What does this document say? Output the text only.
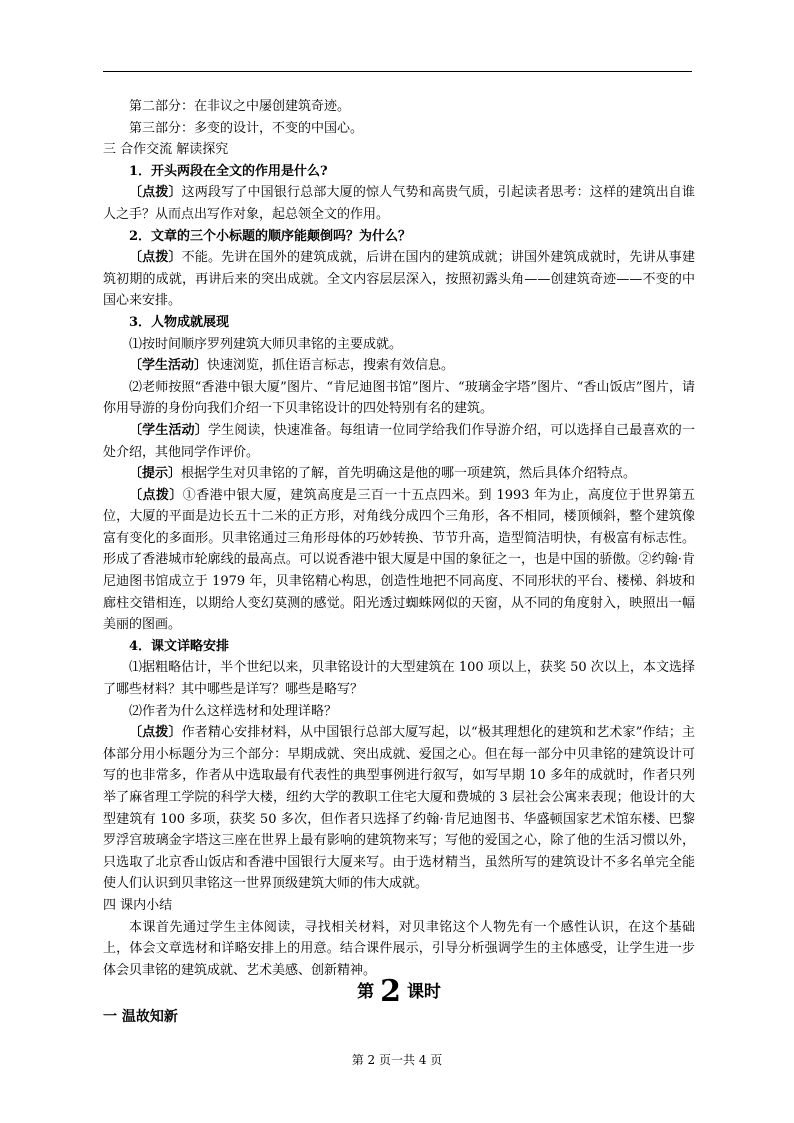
第二部分：在非议之中屡创建筑奇迹。

第三部分：多变的设计，不变的中国心。

三 合作交流 解读探究

1．开头两段在全文的作用是什么?

〔点拨〕这两段写了中国银行总部大厦的惊人气势和高贵气质，引起读者思考：这样的建筑出自谁人之手？从而点出写作对象，起总领全文的作用。

2．文章的三个小标题的顺序能颠倒吗？为什么？

〔点拨〕不能。先讲在国外的建筑成就，后讲在国内的建筑成就；讲国外建筑成就时，先讲从事建筑初期的成就，再讲后来的突出成就。全文内容层层深入，按照初露头角——创建筑奇迹——不变的中国心来安排。

3．人物成就展现

⑴按时间顺序罗列建筑大师贝聿铭的主要成就。

〔学生活动〕快速浏览，抓住语言标志，搜索有效信息。

⑵老师按照“香港中银大厦”图片、“肯尼迪图书馆”图片、“玻璃金字塔”图片、“香山饭店”图片，请你用导游的身份向我们介绍一下贝聿铭设计的四处特别有名的建筑。

〔学生活动〕学生阅读，快速准备。每组请一位同学给我们作导游介绍，可以选择自己最喜欢的一处介绍，其他同学作评价。

〔提示〕根据学生对贝聿铭的了解，首先明确这是他的哪一项建筑，然后具体介绍特点。

〔点拨〕①香港中银大厦，建筑高度是三百一十五点四米。到 1993 年为止，高度位于世界第五位，大厦的平面是边长五十二米的正方形，对角线分成四个三角形，各不相同，楼顶倾斜，整个建筑像富有变化的多面形。贝聿铭通过三角形母体的巧妙转换、节节升高，造型简洁明快，有极富有标志性。形成了香港城市轮廓线的最高点。可以说香港中银大厦是中国的象征之一，也是中国的骄傲。②约翰·肯尼迪图书馆成立于 1979 年，贝聿铭精心构思，创造性地把不同高度、不同形状的平台、楼梯、斜坡和廊柱交错相连，以期给人变幻莫测的感觉。阳光透过蜘蛛网似的天窗，从不同的角度射入，映照出一幅美丽的图画。

4．课文详略安排

⑴据粗略估计，半个世纪以来，贝聿铭设计的大型建筑在 100 项以上，获奖 50 次以上，本文选择了哪些材料？其中哪些是详写？哪些是略写？

⑵作者为什么这样选材和处理详略？

〔点拨〕作者精心安排材料，从中国银行总部大厦写起，以“极其理想化的建筑和艺术家”作结；主体部分用小标题分为三个部分：早期成就、突出成就、爱国之心。但在每一部分中贝聿铭的建筑设计可写的也非常多，作者从中选取最有代表性的典型事例进行叙写，如写早期 10 多年的成就时，作者只列举了麻省理工学院的科学大楼，纽约大学的教职工住宅大厦和费城的 3 层社会公寓来表现；他设计的大型建筑有 100 多项，获奖 50 多次，但作者只选择了约翰·肯尼迪图书、华盛顿国家艺术馆东楼、巴黎罗浮宫玻璃金字塔这三座在世界上最有影响的建筑物来写；写他的爱国之心，除了他的生活习惯以外，只选取了北京香山饭店和香港中国银行大厦来写。由于选材精当，虽然所写的建筑设计不多名单完全能使人们认识到贝聿铭这一世界顶级建筑大师的伟大成就。

四 课内小结

本课首先通过学生主体阅读，寻找相关材料，对贝聿铭这个人物先有一个感性认识，在这个基础上，体会文章选材和详略安排上的用意。结合课件展示，引导分析强调学生的主体感受，让学生进一步体会贝聿铭的建筑成就、艺术美感、创新精神。

第 2 课时

一 温故知新

第 2 页一共 4 页
